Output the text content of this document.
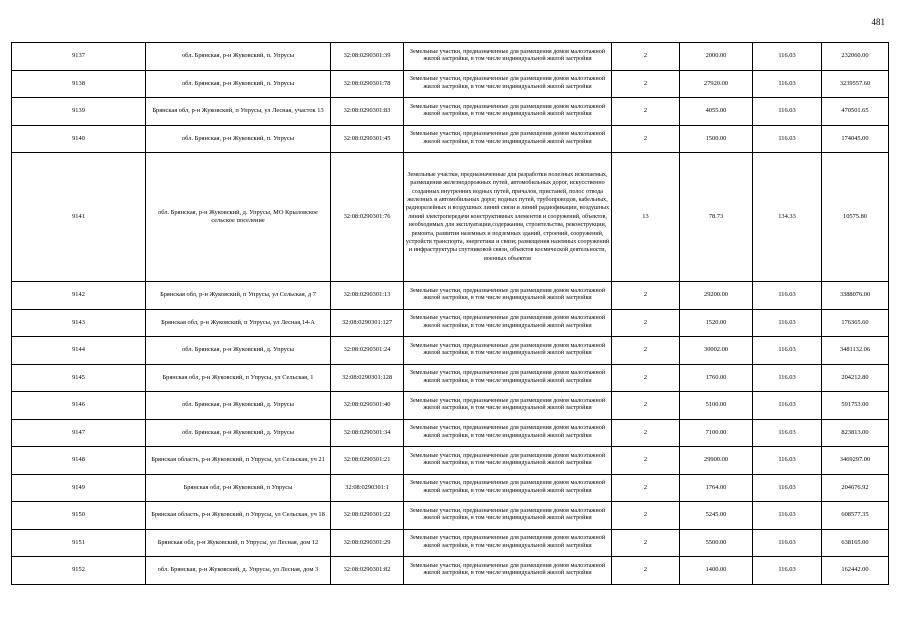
481
9137	обл. Брянская, р-н Жуковский, п. Упрусы	32:08:0290301:39	Земельные участки, предназначенные для размещения домов малоэтажной жилой застройки, в том числе индивидуальной жилой застройки	2	2000.00	116.03	232060.00
9138	обл. Брянская, р-н Жуковский, п. Упрусы	32:08:0290301:78	Земельные участки, предназначенные для размещения домов малоэтажной жилой застройки, в том числе индивидуальной жилой застройки	2	27920.00	116.03	3239557.60
9139	Брянская обл, р-н Жуковский, п Упрусы, ул Лесная, участок 13	32:08:0290301:83	Земельные участки, предназначенные для размещения домов малоэтажной жилой застройки, в том числе индивидуальной жилой застройки	2	4055.00	116.03	470501.65
9140	обл. Брянская, р-н Жуковский, п. Упрусы	32:08:0290301:45	Земельные участки, предназначенные для размещения домов малоэтажной жилой застройки, в том числе индивидуальной жилой застройки	2	1500.00	116.03	174045.00
9141	обл. Брянская, р-н Жуковский, д. Упрусы, МО Крыловское сельское поселение	32:08:0290301:76	Земельные участки, предназначенные для разработки полезных ископаемых, размещения железнодорожных путей, автомобильных дорог, искусственно созданных внутренних водных путей, причалов, пристаней, полос отвода железных и автомобильных дорог, водных путей, трубопроводов, кабельных, радиорелейных и воздушных линий связи и линий радиофикации, воздушных линий электропередачи конструктивных элементов и сооружений, объектов, необходимых для эксплуатации,содержания, строительства, реконструкции, ремонта, развития наземных и подземных зданий, строений, сооружений, устройств транспорта, энергетики и связи; размещения наземных сооружений и инфраструктуры спутниковой связи, объектов космической деятельности, военных объектов	13	78.73	134.33	10575.80
9142	Брянская обл, р-н Жуковский, п Упрусы, ул Сельская, д 7	32:08:0290301:13	Земельные участки, предназначенные для размещения домов малоэтажной жилой застройки, в том числе индивидуальной жилой застройки	2	29200.00	116.03	3388076.00
9143	Брянская обл, р-н Жуковский, п Упрусы, ул Лесная,14-А	32:08:0290301:127	Земельные участки, предназначенные для размещения домов малоэтажной жилой застройки, в том числе индивидуальной жилой застройки	2	1520.00	116.03	176365.60
9144	обл. Брянская, р-н Жуковский, д. Упрусы	32:08:0290301:24	Земельные участки, предназначенные для размещения домов малоэтажной жилой застройки, в том числе индивидуальной жилой застройки	2	30002.00	116.03	3481132.06
9145	Брянская обл, р-н Жуковский, п Упрусы, ул Сельская, 1	32:08:0290301:128	Земельные участки, предназначенные для размещения домов малоэтажной жилой застройки, в том числе индивидуальной жилой застройки	2	1760.00	116.03	204212.80
9146	обл. Брянская, р-н Жуковский, д. Упрусы	32:08:0290301:40	Земельные участки, предназначенные для размещения домов малоэтажной жилой застройки, в том числе индивидуальной жилой застройки	2	5100.00	116.03	591753.00
9147	обл. Брянская, р-н Жуковский, д. Упрусы	32:08:0290301:34	Земельные участки, предназначенные для размещения домов малоэтажной жилой застройки, в том числе индивидуальной жилой застройки	2	7100.00	116.03	823813.00
9148	Брянская область, р-н Жуковский, п Упрусы, ул Сельская, уч 21	32:08:0290301:21	Земельные участки, предназначенные для размещения домов малоэтажной жилой застройки, в том числе индивидуальной жилой застройки	2	29900.00	116.03	3469297.00
9149	Брянская обл, р-н Жуковский, п Упрусы	32:08:0290301:1	Земельные участки, предназначенные для размещения домов малоэтажной жилой застройки, в том числе индивидуальной жилой застройки	2	1764.00	116.03	204676.92
9150	Брянская область, р-н Жуковский, п Упрусы, ул Сельская, уч 18	32:08:0290301:22	Земельные участки, предназначенные для размещения домов малоэтажной жилой застройки, в том числе индивидуальной жилой застройки	2	5245.00	116.03	608577.35
9151	Брянская обл, р-н Жуковский, п Упрусы, ул Лесная, дом 12	32:08:0290301:29	Земельные участки, предназначенные для размещения домов малоэтажной жилой застройки, в том числе индивидуальной жилой застройки	2	5500.00	116.03	638165.00
9152	обл. Брянская, р-н Жуковский, д. Упрусы, ул Лесная, дом 3	32:08:0290301:82	Земельные участки, предназначенные для размещения домов малоэтажной жилой застройки, в том числе индивидуальной жилой застройки	2	1400.00	116.03	162442.00
